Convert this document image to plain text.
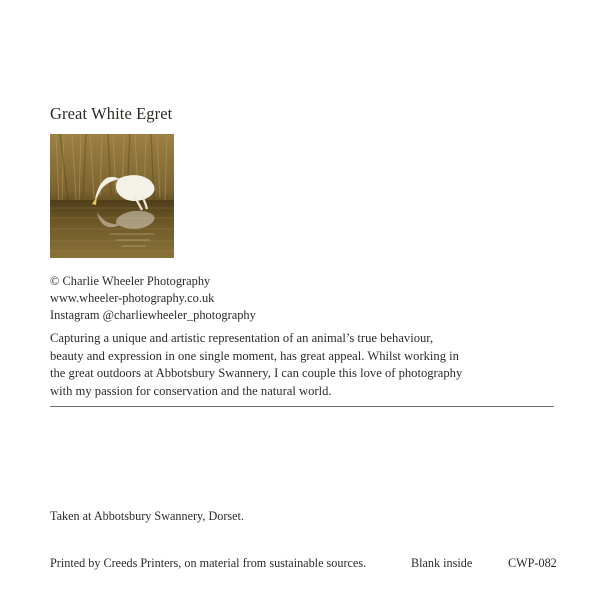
Great White Egret
© Charlie Wheeler Photography
www.wheeler-photography.co.uk
Instagram @charliewheeler_photography
Capturing a unique and artistic representation of an animal’s true behaviour, beauty and expression in one single moment, has great appeal. Whilst working in the great outdoors at Abbotsbury Swannery, I can couple this love of photography with my passion for conservation and the natural world.
Taken at Abbotsbury Swannery, Dorset.
Printed by Creeds Printers, on material from sustainable sources.	Blank inside	CWP-082
